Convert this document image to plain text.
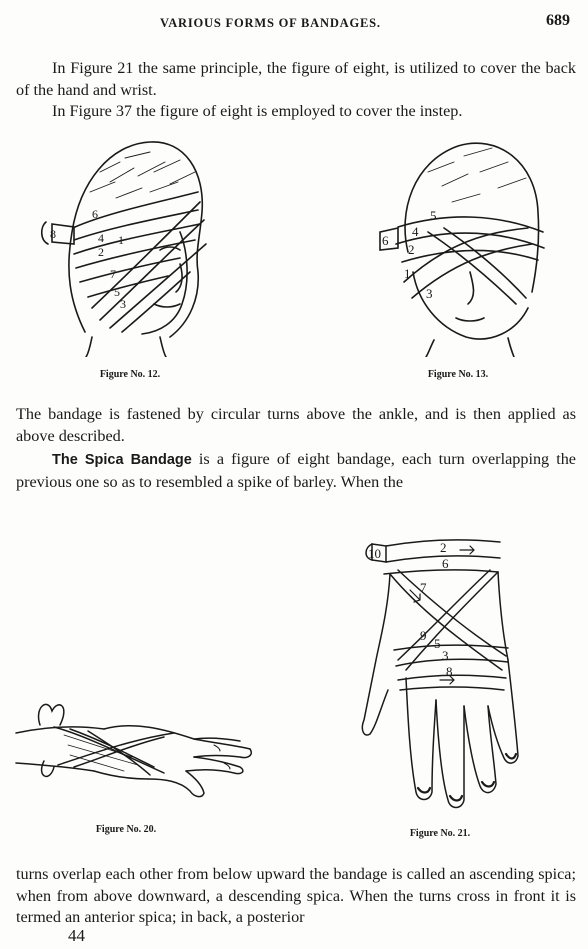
VARIOUS FORMS OF BANDAGES.	689

In Figure 21 the same principle, the figure of eight, is utilized to cover the back of the hand and wrist.

In Figure 37 the figure of eight is employed to cover the instep.

8
6
4
2
1
7
5
3
Figure No. 12.
6
5
4
2
3
1
Figure No. 13.

The bandage is fastened by circular turns above the ankle, and is then applied as above described.

The Spica Bandage is a figure of eight bandage, each turn overlapping the previous one so as to resembled a spike of barley. When the

Figure No. 20.
10	2
6
7
9
5
3
8
Figure No. 21.

turns overlap each other from below upward the bandage is called an ascending spica; when from above downward, a descending spica. When the turns cross in front it is termed an anterior spica; in back, a posterior

44
